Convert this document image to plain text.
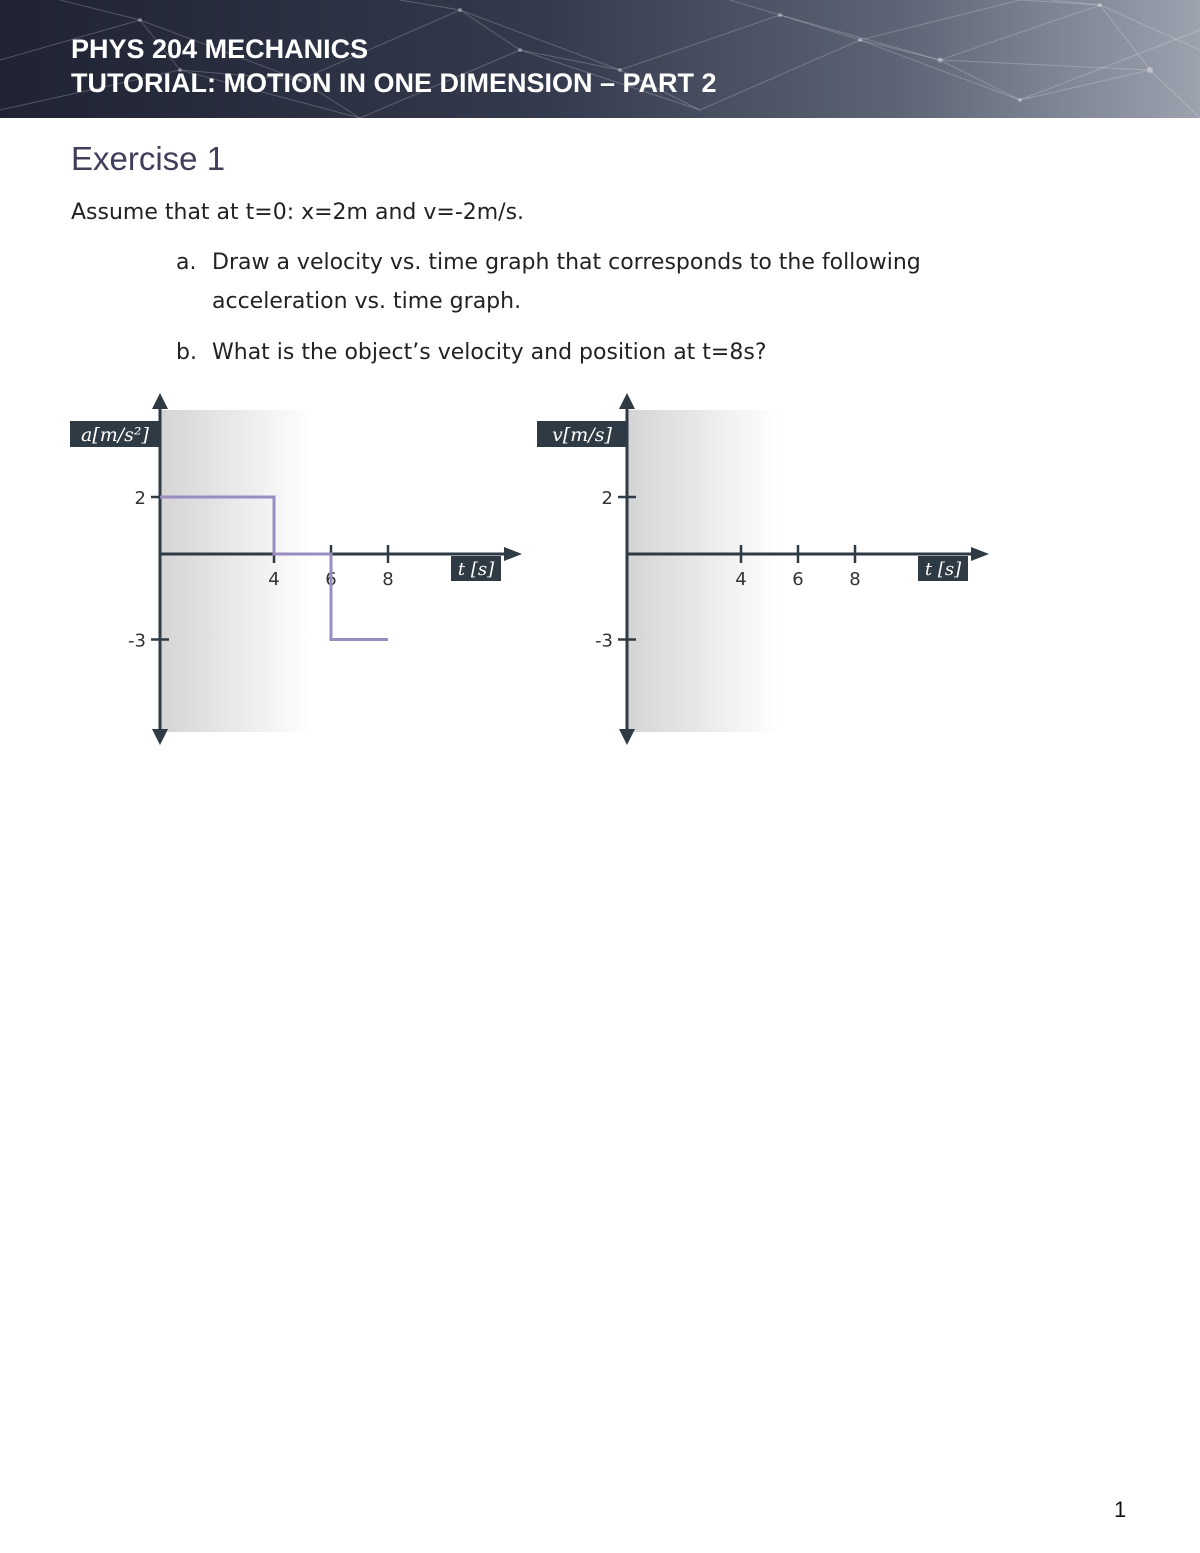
PHYS 204 MECHANICS
TUTORIAL: MOTION IN ONE DIMENSION – PART 2
Exercise 1
Assume that at t=0: x=2m and v=-2m/s.
a. Draw a velocity vs. time graph that corresponds to the following
acceleration vs. time graph.
b. What is the object’s velocity and position at t=8s?
2
-3
4	6	8
a[m/s²]
t [s]
2
-3
4	6	8
v[m/s]
t [s]
1
